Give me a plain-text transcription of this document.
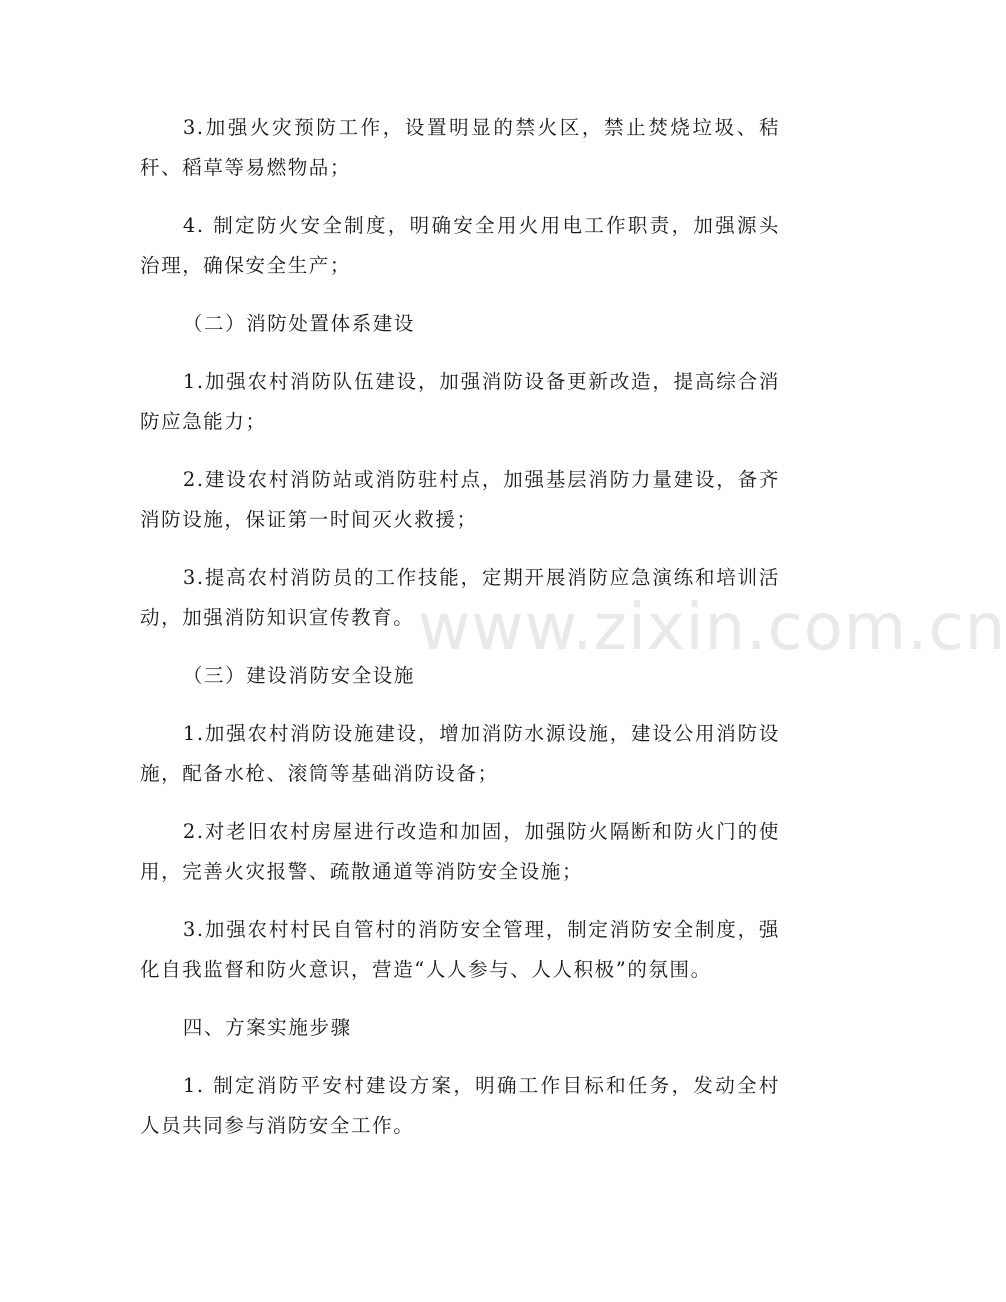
3.加强火灾预防工作，设置明显的禁火区，禁止焚烧垃圾、秸秆、稻草等易燃物品；

4. 制定防火安全制度，明确安全用火用电工作职责，加强源头治理，确保安全生产；

（二）消防处置体系建设

1.加强农村消防队伍建设，加强消防设备更新改造，提高综合消防应急能力；

2.建设农村消防站或消防驻村点，加强基层消防力量建设，备齐消防设施，保证第一时间灭火救援；

3.提高农村消防员的工作技能，定期开展消防应急演练和培训活动，加强消防知识宣传教育。

（三）建设消防安全设施

1.加强农村消防设施建设，增加消防水源设施，建设公用消防设施，配备水枪、滚筒等基础消防设备；

2.对老旧农村房屋进行改造和加固，加强防火隔断和防火门的使用，完善火灾报警、疏散通道等消防安全设施；

3.加强农村村民自管村的消防安全管理，制定消防安全制度，强化自我监督和防火意识，营造“人人参与、人人积极”的氛围。

四、方案实施步骤

1. 制定消防平安村建设方案，明确工作目标和任务，发动全村人员共同参与消防安全工作。

www.zixin.com.cn
